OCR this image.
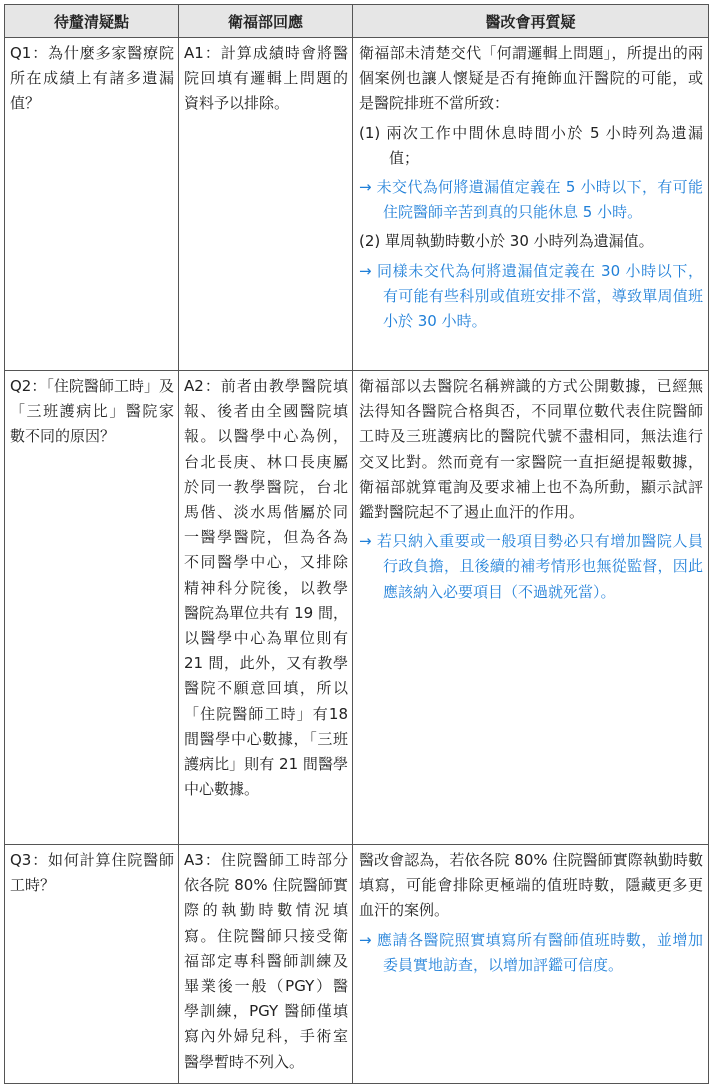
待釐清疑點	衛福部回應	醫改會再質疑
Q1：為什麼多家醫療院所在成績上有諸多遺漏值？	A1：計算成績時會將醫院回填有邏輯上問題的資料予以排除。	衛福部未清楚交代「何謂邏輯上問題」，所提出的兩個案例也讓人懷疑是否有掩飾血汗醫院的可能，或是醫院排班不當所致：

(1) 兩次工作中間休息時間小於 5 小時列為遺漏值；

→ 未交代為何將遺漏值定義在 5 小時以下，有可能住院醫師辛苦到真的只能休息 5 小時。

(2) 單周執勤時數小於 30 小時列為遺漏值。

→ 同樣未交代為何將遺漏值定義在 30 小時以下，有可能有些科別或值班安排不當，導致單周值班小於 30 小時。

Q2：「住院醫師工時」及「三班護病比」醫院家數不同的原因？	A2：前者由教學醫院填報、後者由全國醫院填報。以醫學中心為例，台北長庚、林口長庚屬於同一教學醫院，台北馬偕、淡水馬偕屬於同一醫學醫院，但為各為不同醫學中心，又排除精神科分院後，以教學醫院為單位共有 19 間，以醫學中心為單位則有 21 間，此外，又有教學醫院不願意回填，所以「住院醫師工時」有18間醫學中心數據，「三班護病比」則有 21 間醫學中心數據。	衛福部以去醫院名稱辨識的方式公開數據，已經無法得知各醫院合格與否，不同單位數代表住院醫師工時及三班護病比的醫院代號不盡相同，無法進行交叉比對。然而竟有一家醫院一直拒絕提報數據，衛福部就算電詢及要求補上也不為所動，顯示試評鑑對醫院起不了遏止血汗的作用。

→ 若只納入重要或一般項目勢必只有增加醫院人員行政負擔，且後續的補考情形也無從監督，因此應該納入必要項目（不過就死當）。

Q3：如何計算住院醫師工時？	A3：住院醫師工時部分依各院 80% 住院醫師實際的執勤時數情況填寫。住院醫師只接受衛福部定專科醫師訓練及畢業後一般（PGY）醫學訓練，PGY 醫師僅填寫內外婦兒科，手術室醫學暫時不列入。	醫改會認為，若依各院 80% 住院醫師實際執勤時數填寫，可能會排除更極端的值班時數，隱藏更多更血汗的案例。

→ 應請各醫院照實填寫所有醫師值班時數，並增加委員實地訪查，以增加評鑑可信度。
